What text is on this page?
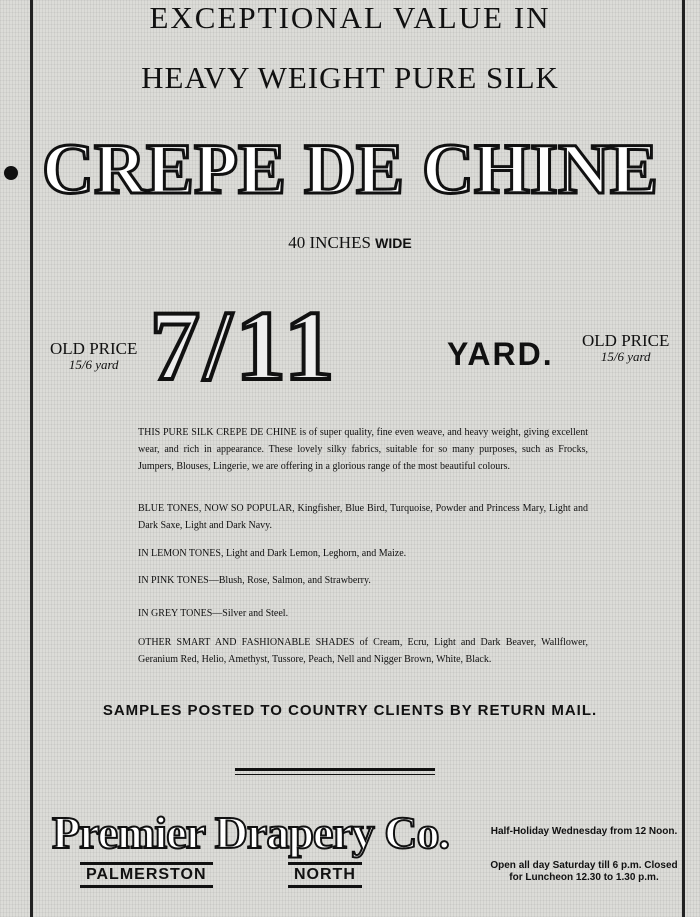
EXCEPTIONAL VALUE IN
HEAVY WEIGHT PURE SILK
CREPE DE CHINE
40 INCHES WIDE
OLD PRICE
15/6 yard 7/11	YARD. OLD PRICE
15/6 yard
THIS PURE SILK CREPE DE CHINE is of super quality, fine even weave, and heavy weight, giving excellent wear, and rich in appearance. These lovely silky fabrics, suitable for so many purposes, such as Frocks, Jumpers, Blouses, Lingerie, we are offering in a glorious range of the most beautiful colours.
BLUE TONES, NOW SO POPULAR, Kingfisher, Blue Bird, Turquoise, Powder and Princess Mary, Light and Dark Saxe, Light and Dark Navy.
IN LEMON TONES, Light and Dark Lemon, Leghorn, and Maize.
IN PINK TONES—Blush, Rose, Salmon, and Strawberry.
IN GREY TONES—Silver and Steel.
OTHER SMART AND FASHIONABLE SHADES of Cream, Ecru, Light and Dark Beaver, Wallflower, Geranium Red, Helio, Amethyst, Tussore, Peach, Nell and Nigger Brown, White, Black.
SAMPLES POSTED TO COUNTRY CLIENTS BY RETURN MAIL.
Premier Drapery Co.
PALMERSTON	NORTH
Half-Holiday Wednesday from 12 Noon.
Open all day Saturday till 6 p.m. Closed for Luncheon 12.30 to 1.30 p.m.
